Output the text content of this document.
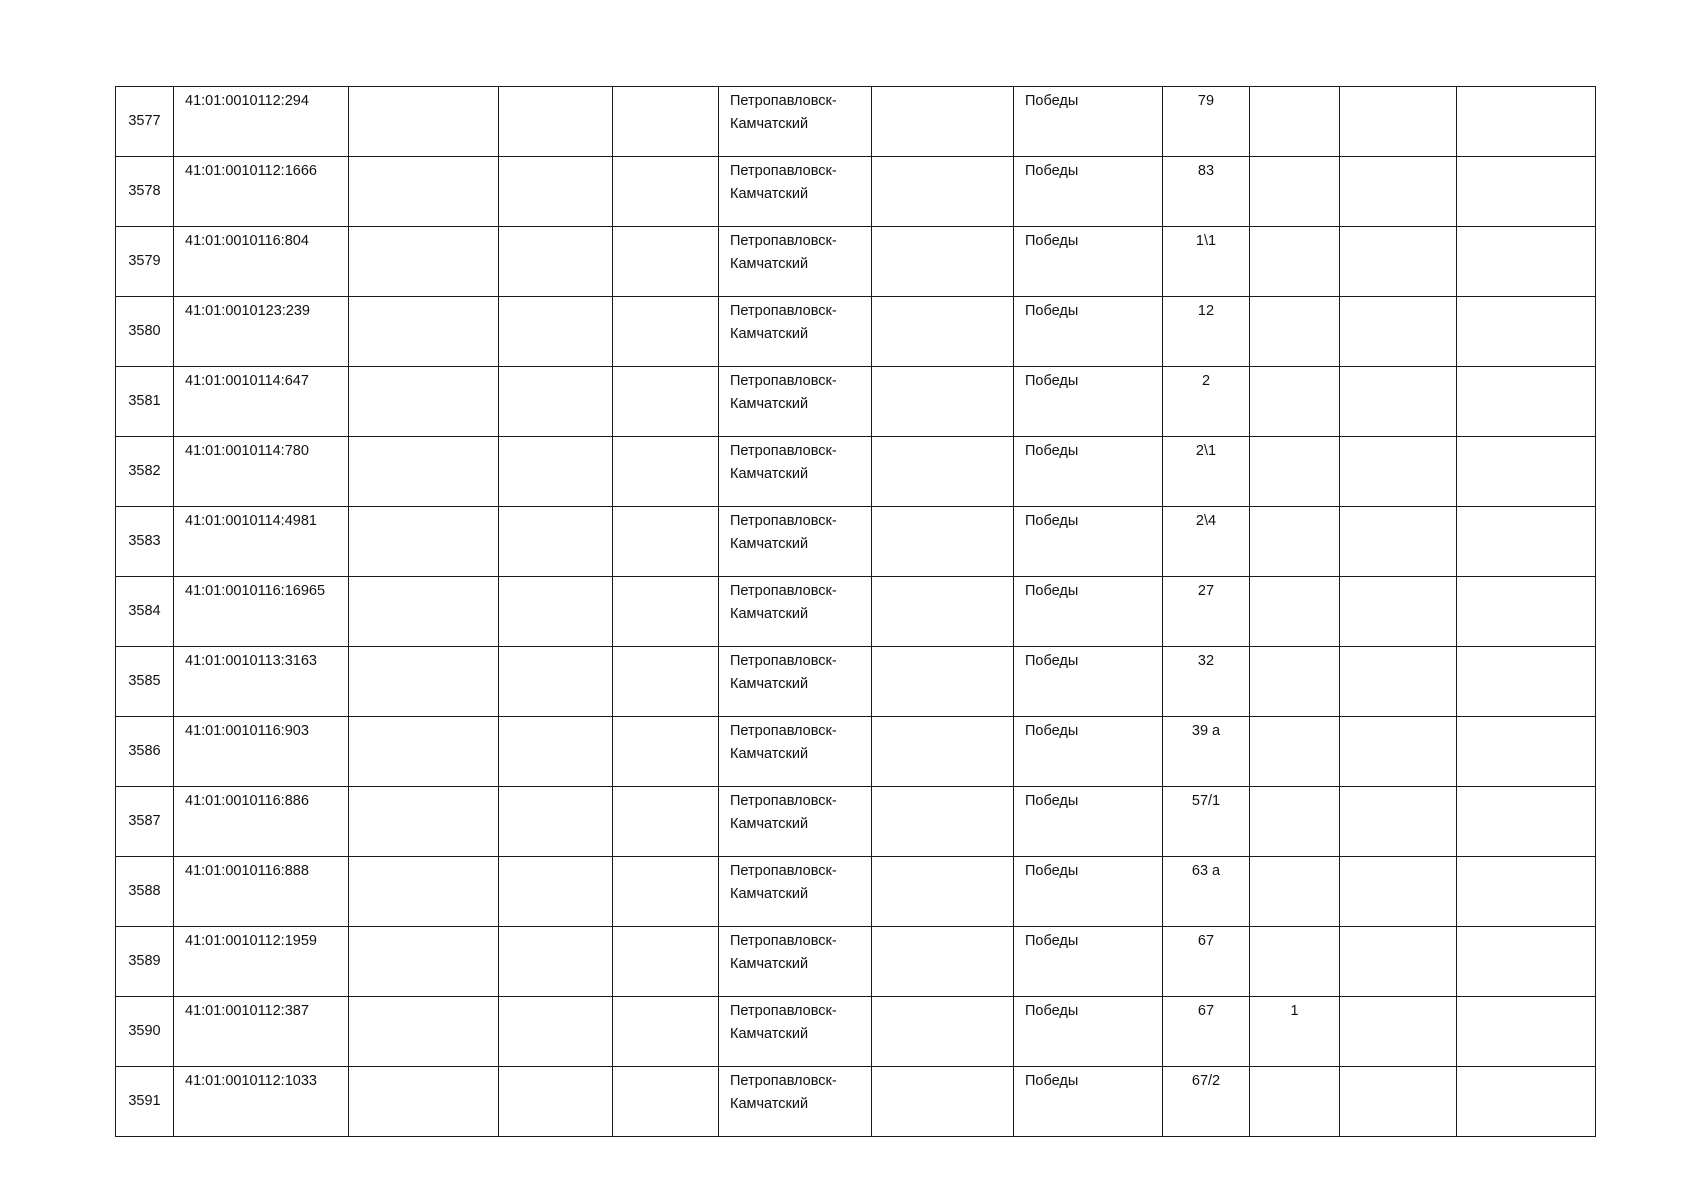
3577	41:01:0010112:294				Петропавловск-
Камчатский		Победы	79			
3578	41:01:0010112:1666				Петропавловск-
Камчатский		Победы	83			
3579	41:01:0010116:804				Петропавловск-
Камчатский		Победы	1\1			
3580	41:01:0010123:239				Петропавловск-
Камчатский		Победы	12			
3581	41:01:0010114:647				Петропавловск-
Камчатский		Победы	2			
3582	41:01:0010114:780				Петропавловск-
Камчатский		Победы	2\1			
3583	41:01:0010114:4981				Петропавловск-
Камчатский		Победы	2\4			
3584	41:01:0010116:16965				Петропавловск-
Камчатский		Победы	27			
3585	41:01:0010113:3163				Петропавловск-
Камчатский		Победы	32			
3586	41:01:0010116:903				Петропавловск-
Камчатский		Победы	39 а			
3587	41:01:0010116:886				Петропавловск-
Камчатский		Победы	57/1			
3588	41:01:0010116:888				Петропавловск-
Камчатский		Победы	63 а			
3589	41:01:0010112:1959				Петропавловск-
Камчатский		Победы	67			
3590	41:01:0010112:387				Петропавловск-
Камчатский		Победы	67	1		
3591	41:01:0010112:1033				Петропавловск-
Камчатский		Победы	67/2			
